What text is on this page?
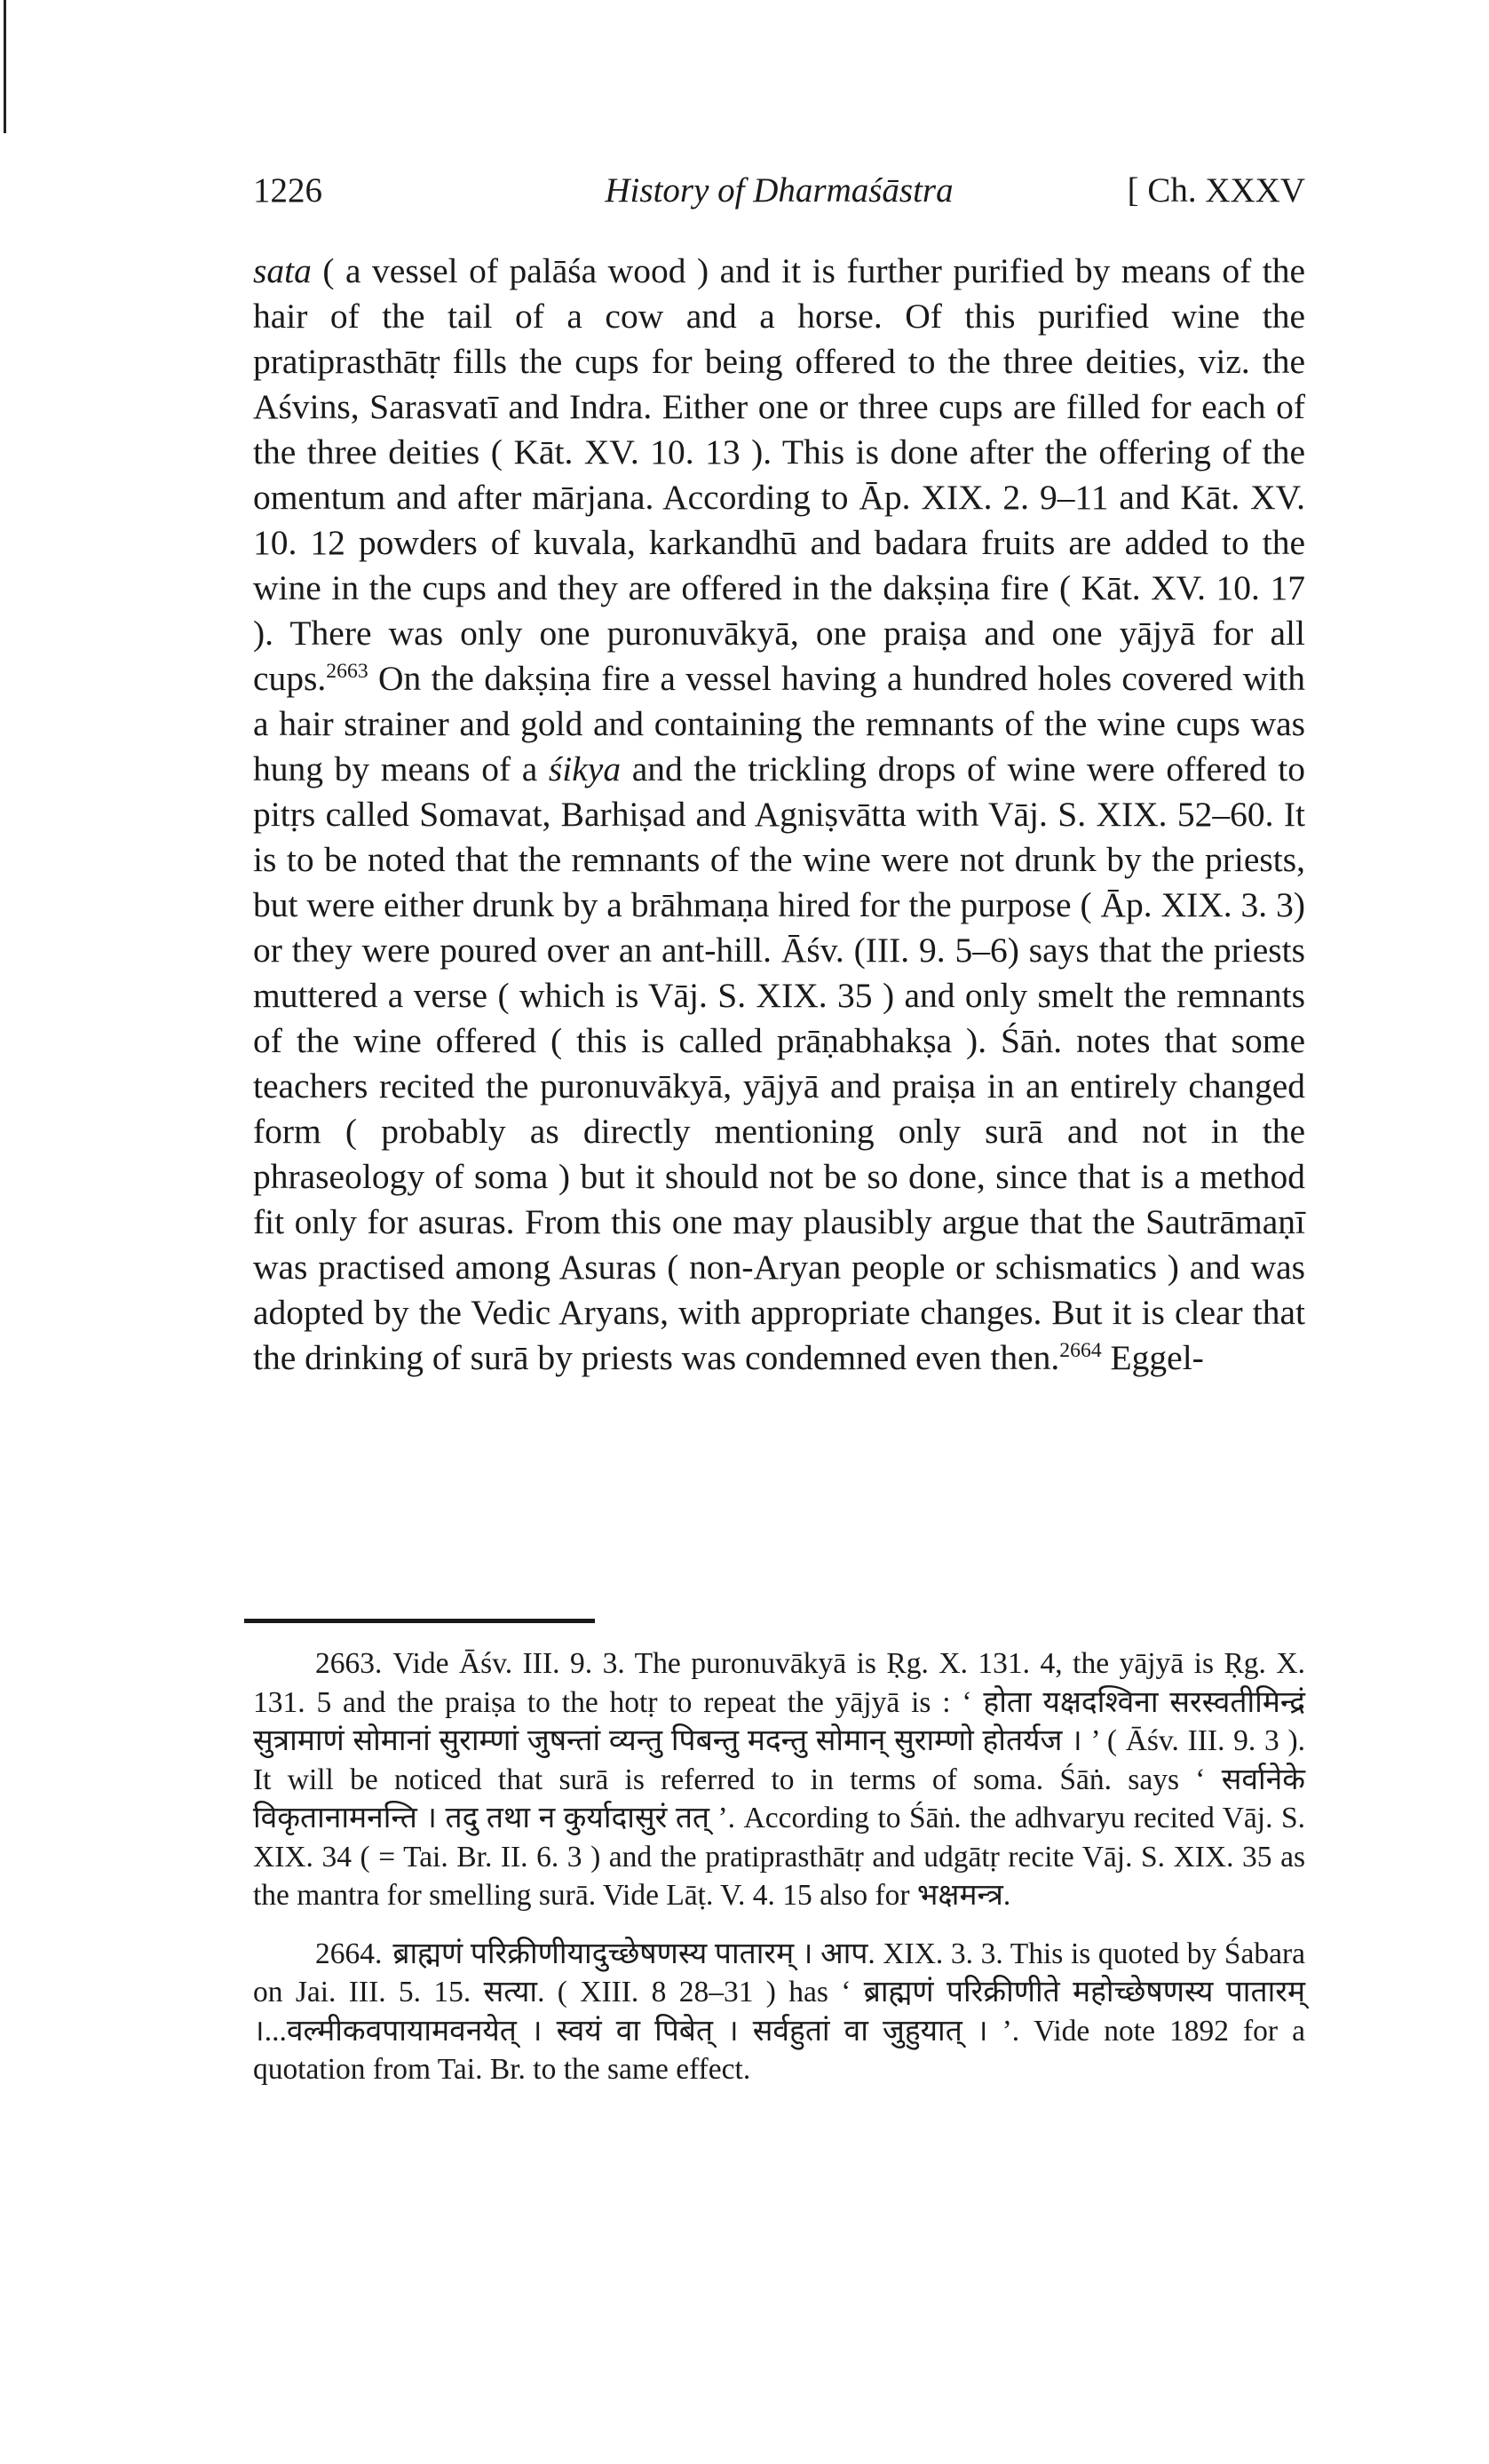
History of Dharmaśāstra
1226	[ Ch. XXXV

sata ( a vessel of palāśa wood ) and it is further purified by means of the hair of the tail of a cow and a horse. Of this purified wine the pratiprasthātṛ fills the cups for being offered to the three deities, viz. the Aśvins, Sarasvatī and Indra. Either one or three cups are filled for each of the three deities ( Kāt. XV. 10. 13 ). This is done after the offering of the omentum and after mārjana. According to Āp. XIX. 2. 9–11 and Kāt. XV. 10. 12 powders of kuvala, karkandhū and badara fruits are added to the wine in the cups and they are offered in the dakṣiṇa fire ( Kāt. XV. 10. 17 ). There was only one puronuvākyā, one praiṣa and one yājyā for all cups.$^{2663}$ On the dakṣiṇa fire a vessel having a hundred holes covered with a hair strainer and gold and containing the remnants of the wine cups was hung by means of a śikya and the trickling drops of wine were offered to pitṛs called Somavat, Barhiṣad and Agniṣvātta with Vāj. S. XIX. 52–60. It is to be noted that the remnants of the wine were not drunk by the priests, but were either drunk by a brāhmaṇa hired for the purpose ( Āp. XIX. 3. 3) or they were poured over an ant-hill. Āśv. (III. 9. 5–6) says that the priests muttered a verse ( which is Vāj. S. XIX. 35 ) and only smelt the remnants of the wine offered ( this is called prāṇabhakṣa ). Śāṅ. notes that some teachers recited the puronuvākyā, yājyā and praiṣa in an entirely changed form ( probably as directly mentioning only surā and not in the phraseology of soma ) but it should not be so done, since that is a method fit only for asuras. From this one may plausibly argue that the Sautrāmaṇī was practised among Asuras ( non-Aryan people or schismatics ) and was adopted by the Vedic Aryans, with appropriate changes. But it is clear that the drinking of surā by priests was condemned even then.$^{2664}$ Eggel-

2663. Vide Āśv. III. 9. 3. The puronuvākyā is Ṛg. X. 131. 4, the yājyā is Ṛg. X. 131. 5 and the praiṣa to the hotṛ to repeat the yājyā is : ‘ होता यक्षदश्विना सरस्वतीमिन्द्रं सुत्रामाणं सोमानां सुराम्णां जुषन्तां व्यन्तु पिबन्तु मदन्तु सोमान् सुराम्णो होतर्यज । ’ ( Āśv. III. 9. 3 ). It will be noticed that surā is referred to in terms of soma. Śāṅ. says ‘ सर्वानेके विकृतानामनन्ति । तदु तथा न कुर्यादासुरं तत् ’. According to Śāṅ. the adhvaryu recited Vāj. S. XIX. 34 ( = Tai. Br. II. 6. 3 ) and the pratiprasthātṛ and udgātṛ recite Vāj. S. XIX. 35 as the mantra for smelling surā. Vide Lāṭ. V. 4. 15 also for भक्षमन्त्र.

2664. ब्राह्मणं परिक्रीणीयादुच्छेषणस्य पातारम् । आप. XIX. 3. 3. This is quoted by Śabara on Jai. III. 5. 15. सत्या. ( XIII. 8 28–31 ) has ‘ ब्राह्मणं परिक्रीणीते महोच्छेषणस्य पातारम् ।...वल्मीकवपायामवनयेत् । स्वयं वा पिबेत् । सर्वहुतां वा जुहुयात् । ’. Vide note 1892 for a quotation from Tai. Br. to the same effect.
